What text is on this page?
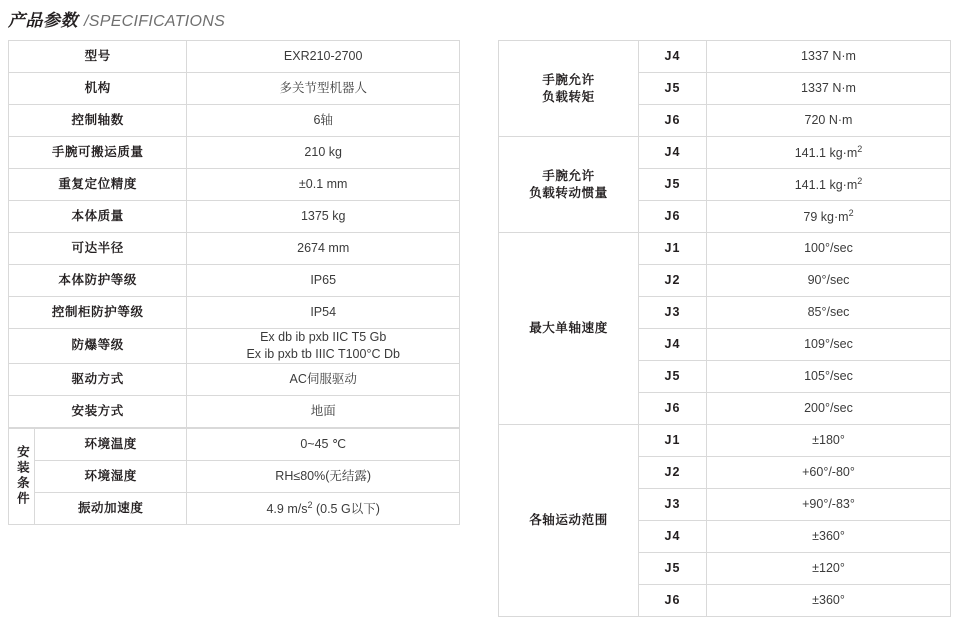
产品参数 /SPECIFICATIONS
型号	EXR210-2700
机构	多关节型机器人
控制轴数	6轴
手腕可搬运质量	210 kg
重复定位精度	±0.1 mm
本体质量	1375 kg
可达半径	2674 mm
本体防护等级	IP65
控制柜防护等级	IP54
防爆等级	Ex db ib pxb IIC T5 Gb
Ex ib pxb tb IIIC T100°C Db

驱动方式	AC伺服驱动
安装方式	地面
安装条件	环境温度	0~45 ℃
	环境湿度	RH≤80%(无结露)
	振动加速度	4.9 $m/s^2$ (0.5 G以下)
手腕允许
负载转矩	J4	1337 N·m
	J5	1337 N·m
	J6	720 N·m

手腕允许
负载转动惯量	J4	141.1 $kg\cdot m^2$
	J5	141.1 $kg\cdot m^2$
	J6	79 $kg\cdot m^2$
最大单轴速度	J1	100°/sec
	J2	90°/sec
	J3	85°/sec
	J4	109°/sec
	J5	105°/sec
	J6	200°/sec
各轴运动范围	J1	±180°
	J2	+60°/-80°
	J3	+90°/-83°
	J4	±360°
	J5	±120°
	J6	±360°
